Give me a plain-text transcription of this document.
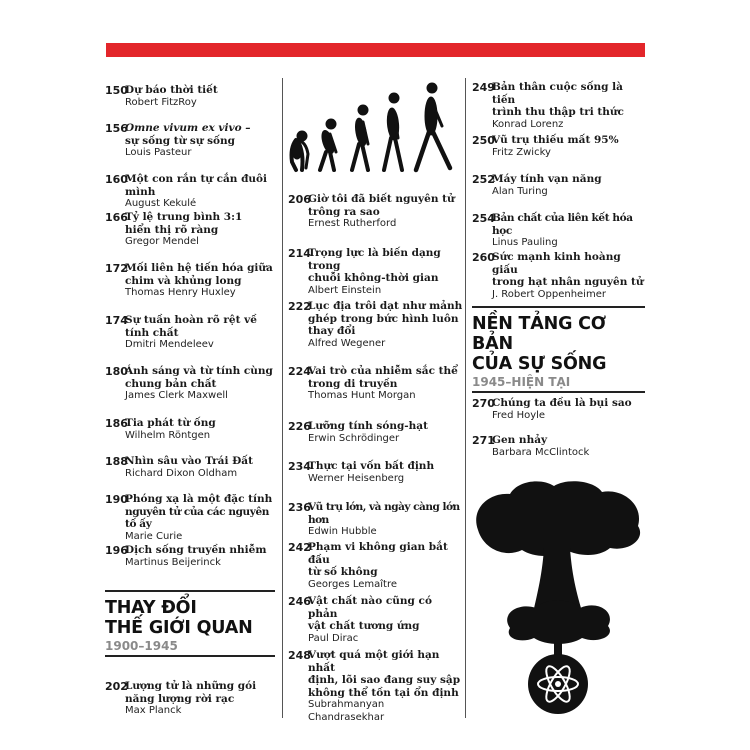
150
Dự báo thời tiết
Robert FitzRoy
156
Omne vivum ex vivo –
sự sống từ sự sống
Louis Pasteur
160
Một con rắn tự cắn đuôi mình
August Kekulé
166
Tỷ lệ trung bình 3:1
hiển thị rõ ràng
Gregor Mendel
172
Mối liên hệ tiến hóa giữa
chim và khủng long
Thomas Henry Huxley
174
Sự tuần hoàn rõ rệt về
tính chất
Dmitri Mendeleev
180
Ánh sáng và từ tính cùng
chung bản chất
James Clerk Maxwell
186
Tia phát từ ống
Wilhelm Röntgen
188
Nhìn sâu vào Trái Đất
Richard Dixon Oldham
190
Phóng xạ là một đặc tính
nguyên tử của các nguyên tố ấy
Marie Curie
196
Dịch sống truyền nhiễm
Martinus Beijerinck
THAY ĐỔI
THẾ GIỚI QUAN
1900–1945
202
Lượng tử là những gói
năng lượng rời rạc
Max Planck
206
Giờ tôi đã biết nguyên tử
trông ra sao
Ernest Rutherford
214
Trọng lực là biến dạng trong
chuỗi không-thời gian
Albert Einstein
222
Lục địa trôi dạt như mảnh
ghép trong bức hình luôn
thay đổi
Alfred Wegener
224
Vai trò của nhiễm sắc thể
trong di truyền
Thomas Hunt Morgan
226
Lưỡng tính sóng-hạt
Erwin Schrödinger
234
Thực tại vốn bất định
Werner Heisenberg
236
Vũ trụ lớn, và ngày càng lớn hơn
Edwin Hubble
242
Phạm vi không gian bắt đầu
từ số không
Georges Lemaître
246
Vật chất nào cũng có phản
vật chất tương ứng
Paul Dirac
248
Vượt quá một giới hạn nhất
định, lõi sao đang suy sập
không thể tồn tại ổn định
Subrahmanyan
Chandrasekhar
249
Bản thân cuộc sống là tiến
trình thu thập tri thức
Konrad Lorenz
250
Vũ trụ thiếu mất 95%
Fritz Zwicky
252
Máy tính vạn năng
Alan Turing
254
Bản chất của liên kết hóa học
Linus Pauling
260
Sức mạnh kinh hoàng giấu
trong hạt nhân nguyên tử
J. Robert Oppenheimer
NỀN TẢNG CƠ BẢN
CỦA SỰ SỐNG
1945–HIỆN TẠI
270
Chúng ta đều là bụi sao
Fred Hoyle
271
Gen nhảy
Barbara McClintock
